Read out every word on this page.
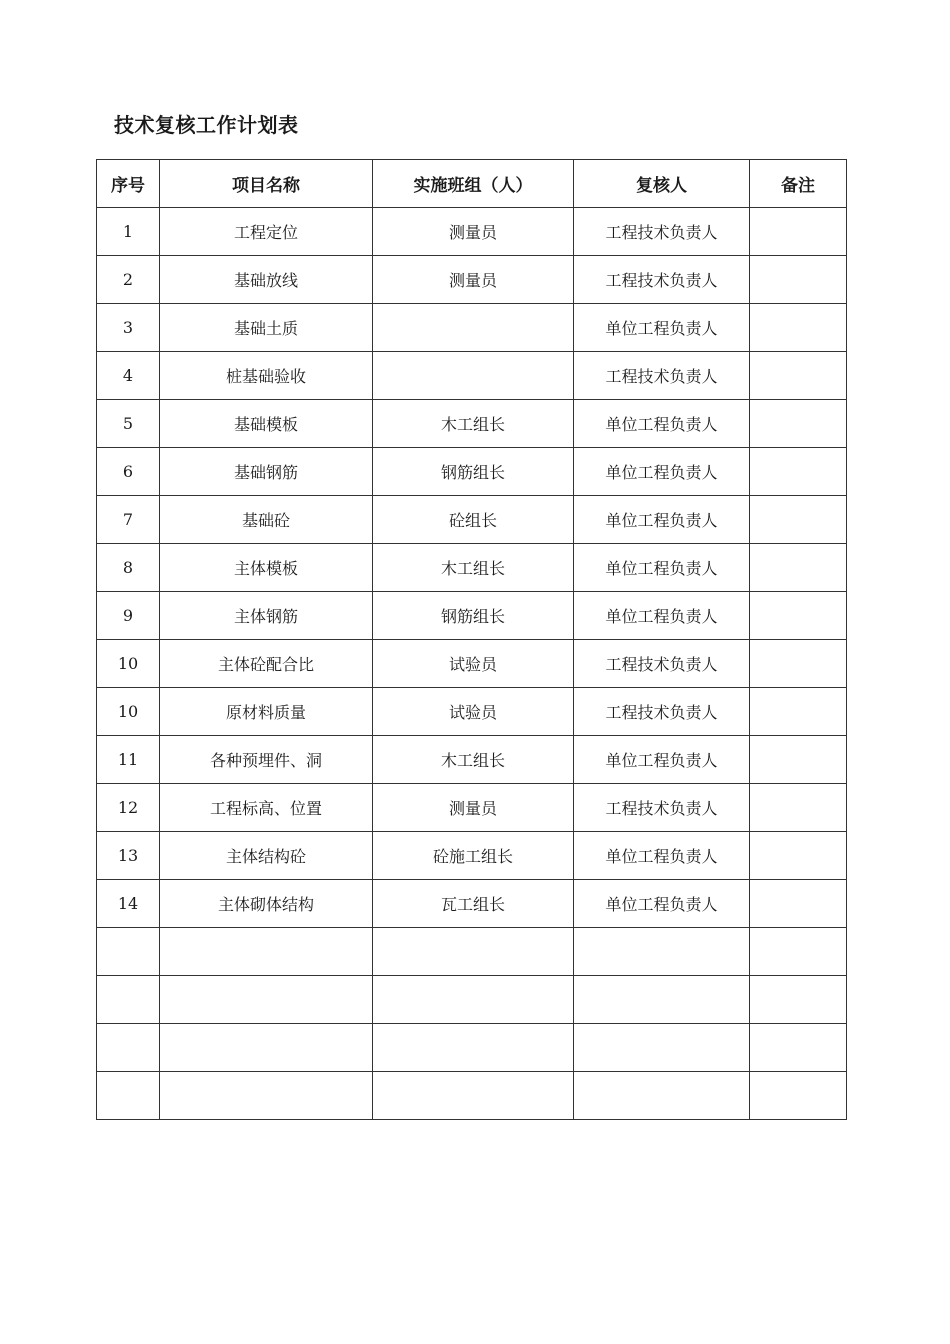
技术复核工作计划表
序号	项目名称	实施班组（人）	复核人	备注
1	工程定位	测量员	工程技术负责人	
2	基础放线	测量员	工程技术负责人	
3	基础土质		单位工程负责人	
4	桩基础验收		工程技术负责人	
5	基础模板	木工组长	单位工程负责人	
6	基础钢筋	钢筋组长	单位工程负责人	
7	基础砼	砼组长	单位工程负责人	
8	主体模板	木工组长	单位工程负责人	
9	主体钢筋	钢筋组长	单位工程负责人	
10	主体砼配合比	试验员	工程技术负责人	
10	原材料质量	试验员	工程技术负责人	
11	各种预埋件、洞	木工组长	单位工程负责人	
12	工程标高、位置	测量员	工程技术负责人	
13	主体结构砼	砼施工组长	单位工程负责人	
14	主体砌体结构	瓦工组长	单位工程负责人	
